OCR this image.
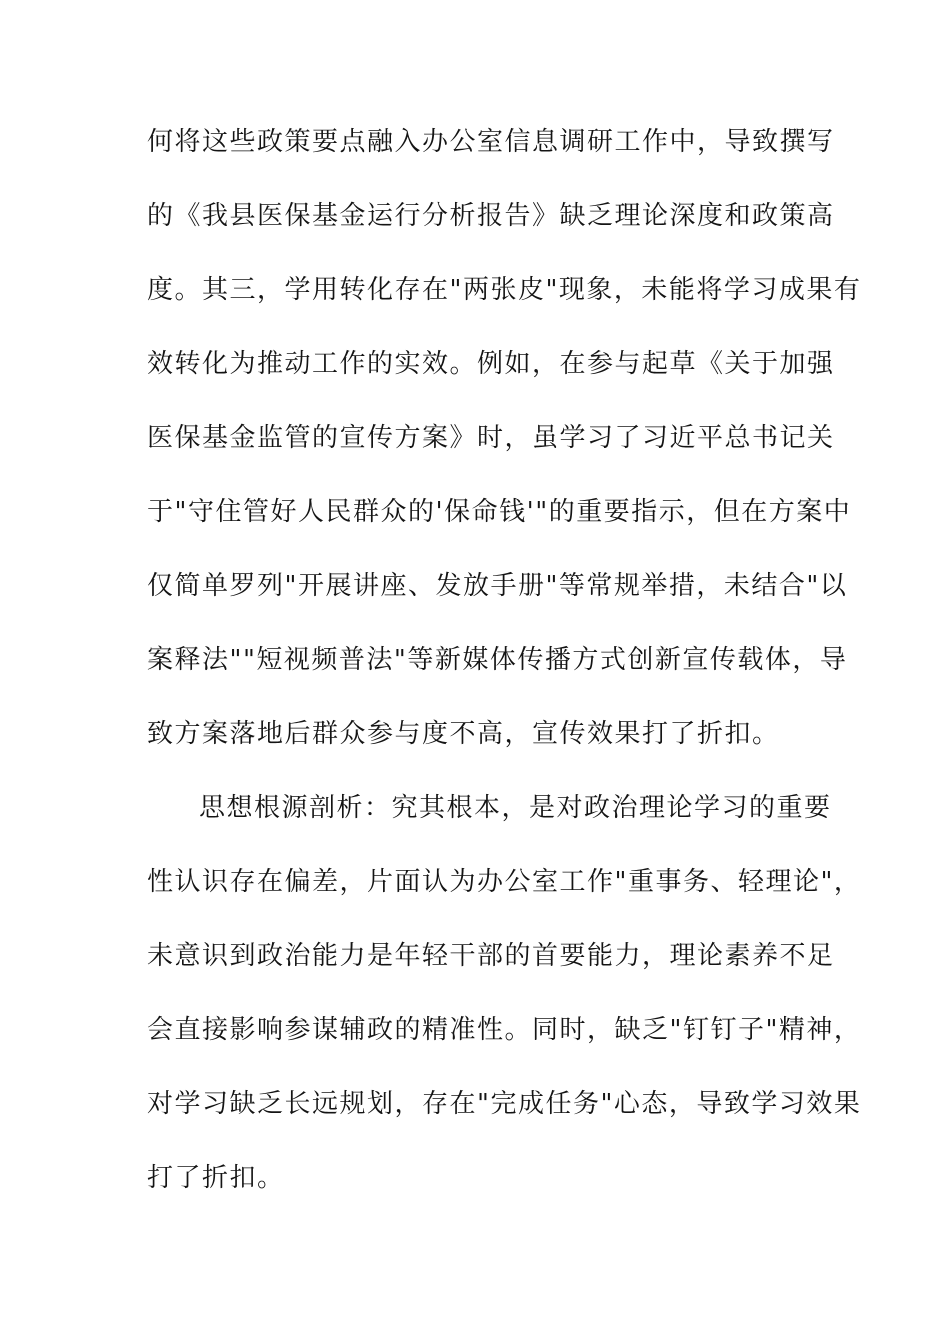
何将这些政策要点融入办公室信息调研工作中，导致撰写
的《我县医保基金运行分析报告》缺乏理论深度和政策高
度。其三，学用转化存在"两张皮"现象，未能将学习成果有
效转化为推动工作的实效。例如，在参与起草《关于加强
医保基金监管的宣传方案》时，虽学习了习近平总书记关
于"守住管好人民群众的'保命钱'"的重要指示，但在方案中
仅简单罗列"开展讲座、发放手册"等常规举措，未结合"以
案释法""短视频普法"等新媒体传播方式创新宣传载体，导
致方案落地后群众参与度不高，宣传效果打了折扣。
思想根源剖析：究其根本，是对政治理论学习的重要
性认识存在偏差，片面认为办公室工作"重事务、轻理论"，
未意识到政治能力是年轻干部的首要能力，理论素养不足
会直接影响参谋辅政的精准性。同时，缺乏"钉钉子"精神，
对学习缺乏长远规划，存在"完成任务"心态，导致学习效果
打了折扣。
